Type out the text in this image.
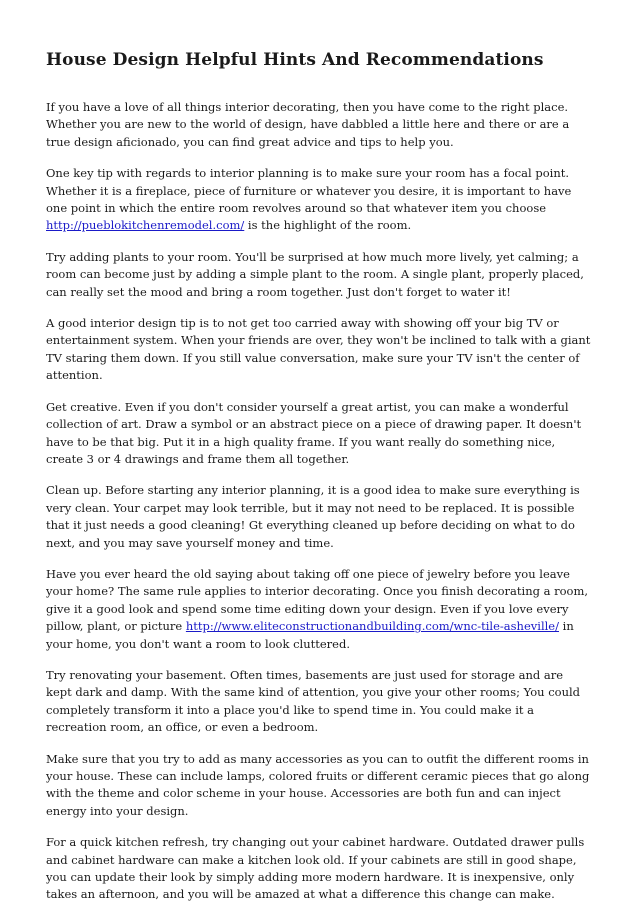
House Design Helpful Hints And Recommendations

If you have a love of all things interior decorating, then you have come to the right place. Whether you are new to the world of design, have dabbled a little here and there or are a true design aficionado, you can find great advice and tips to help you.

One key tip with regards to interior planning is to make sure your room has a focal point. Whether it is a fireplace, piece of furniture or whatever you desire, it is important to have one point in which the entire room revolves around so that whatever item you choose http://pueblokitchenremodel.com/ is the highlight of the room.

Try adding plants to your room. You'll be surprised at how much more lively, yet calming; a room can become just by adding a simple plant to the room. A single plant, properly placed, can really set the mood and bring a room together. Just don't forget to water it!

A good interior design tip is to not get too carried away with showing off your big TV or entertainment system. When your friends are over, they won't be inclined to talk with a giant TV staring them down. If you still value conversation, make sure your TV isn't the center of attention.

Get creative. Even if you don't consider yourself a great artist, you can make a wonderful collection of art. Draw a symbol or an abstract piece on a piece of drawing paper. It doesn't have to be that big. Put it in a high quality frame. If you want really do something nice, create 3 or 4 drawings and frame them all together.

Clean up. Before starting any interior planning, it is a good idea to make sure everything is very clean. Your carpet may look terrible, but it may not need to be replaced. It is possible that it just needs a good cleaning! Gt everything cleaned up before deciding on what to do next, and you may save yourself money and time.

Have you ever heard the old saying about taking off one piece of jewelry before you leave your home? The same rule applies to interior decorating. Once you finish decorating a room, give it a good look and spend some time editing down your design. Even if you love every pillow, plant, or picture http://www.eliteconstructionandbuilding.com/wnc-tile-asheville/ in your home, you don't want a room to look cluttered.

Try renovating your basement. Often times, basements are just used for storage and are kept dark and damp. With the same kind of attention, you give your other rooms; You could completely transform it into a place you'd like to spend time in. You could make it a recreation room, an office, or even a bedroom.

Make sure that you try to add as many accessories as you can to outfit the different rooms in your house. These can include lamps, colored fruits or different ceramic pieces that go along with the theme and color scheme in your house. Accessories are both fun and can inject energy into your design.

For a quick kitchen refresh, try changing out your cabinet hardware. Outdated drawer pulls and cabinet hardware can make a kitchen look old. If your cabinets are still in good shape, you can update their look by simply adding more modern hardware. It is inexpensive, only takes an afternoon, and you will be amazed at what a difference this change can make.
